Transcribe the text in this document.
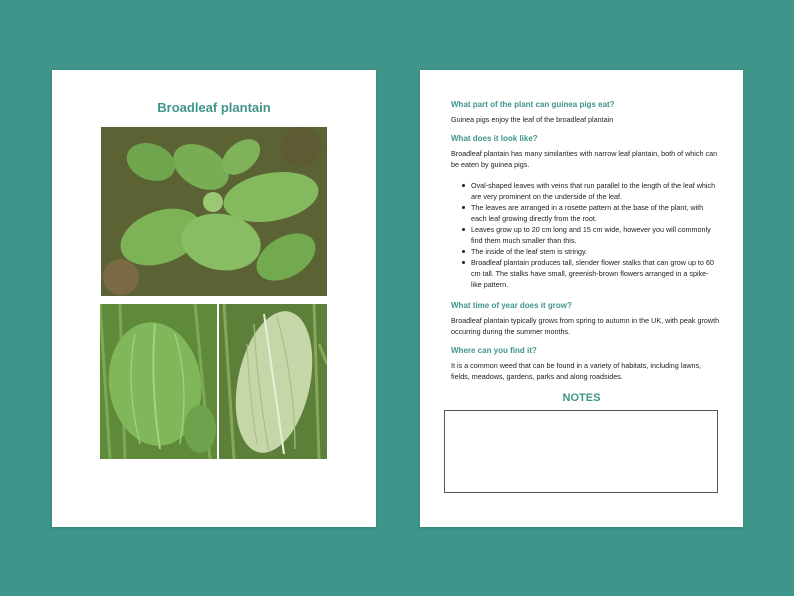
Broadleaf plantain	What part of the plant can guinea pigs eat?
Guinea pigs enjoy the leaf of the broadleaf plantain
What does it look like?
Broadleaf plantain has many similarities with narrow leaf plantain, both of which can be eaten by guinea pigs.
Oval-shaped leaves with veins that run parallel to the length of the leaf which are very prominent on the underside of the leaf.
The leaves are arranged in a rosette pattern at the base of the plant, with each leaf growing directly from the root.
Leaves grow up to 20 cm long and 15 cm wide, however you will commonly find them much smaller than this.
The inside of the leaf stem is stringy.
Broadleaf plantain produces tall, slender flower stalks that can grow up to 60 cm tall. The stalks have small, greenish-brown flowers arranged in a spike-like pattern.
What time of year does it grow?
Broadleaf plantain typically grows from spring to autumn in the UK, with peak growth occurring during the summer months.
Where can you find it?
It is a common weed that can be found in a variety of habitats, including lawns, fields, meadows, gardens, parks and along roadsides.
NOTES
